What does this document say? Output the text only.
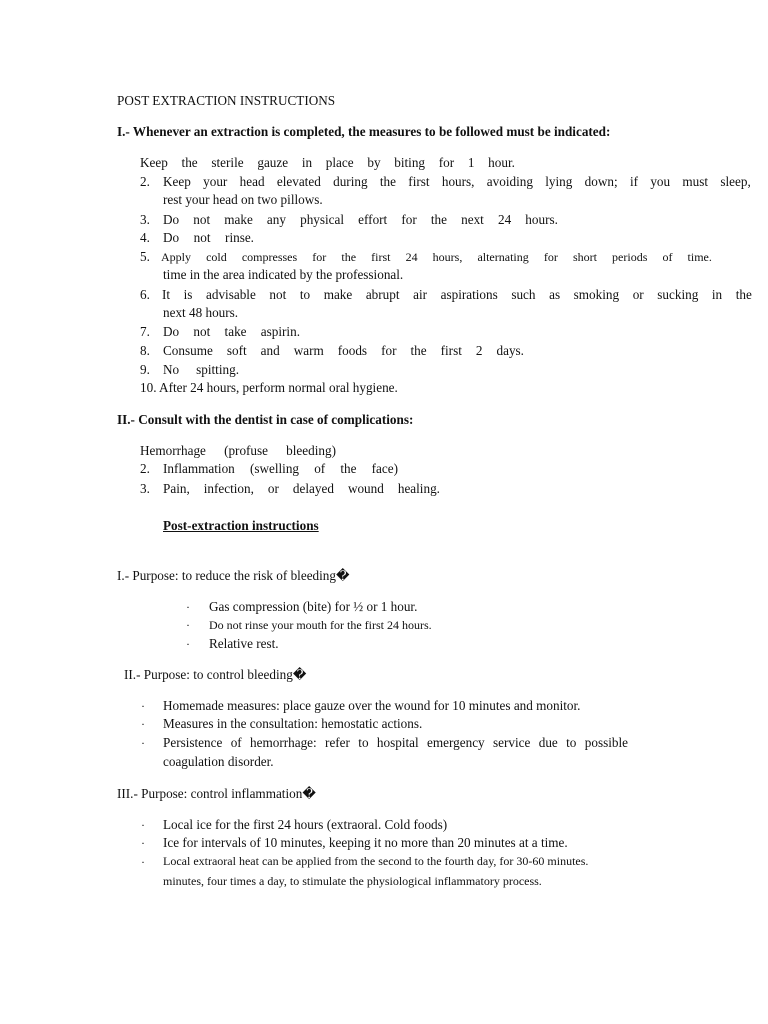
POST EXTRACTION INSTRUCTIONS
I.- Whenever an extraction is completed, the measures to be followed must be indicated:
Keep the sterile gauze in place by biting for 1 hour.
2. Keep your head elevated during the first hours, avoiding lying down; if you must sleep,
rest your head on two pillows.
3. Do not make any physical effort for the next 24 hours.
4. Do not rinse.
5. Apply cold compresses for the first 24 hours, alternating for short periods of time.
time in the area indicated by the professional.
6. It is advisable not to make abrupt air aspirations such as smoking or sucking in the
next 48 hours.
7. Do not take aspirin.
8. Consume soft and warm foods for the first 2 days.
9. No spitting.
10. After 24 hours, perform normal oral hygiene.
II.- Consult with the dentist in case of complications:
Hemorrhage (profuse bleeding)
2. Inflammation (swelling of the face)
3. Pain, infection, or delayed wound healing.
Post-extraction instructions
I.- Purpose: to reduce the risk of bleeding�
· Gas compression (bite) for ½ or 1 hour.
· Do not rinse your mouth for the first 24 hours.
· Relative rest.
II.- Purpose: to control bleeding�
· Homemade measures: place gauze over the wound for 10 minutes and monitor.
· Measures in the consultation: hemostatic actions.
· Persistence of hemorrhage: refer to hospital emergency service due to possible
coagulation disorder.
III.- Purpose: control inflammation�
· Local ice for the first 24 hours (extraoral. Cold foods)
· Ice for intervals of 10 minutes, keeping it no more than 20 minutes at a time.
· Local extraoral heat can be applied from the second to the fourth day, for 30-60 minutes.
minutes, four times a day, to stimulate the physiological inflammatory process.
